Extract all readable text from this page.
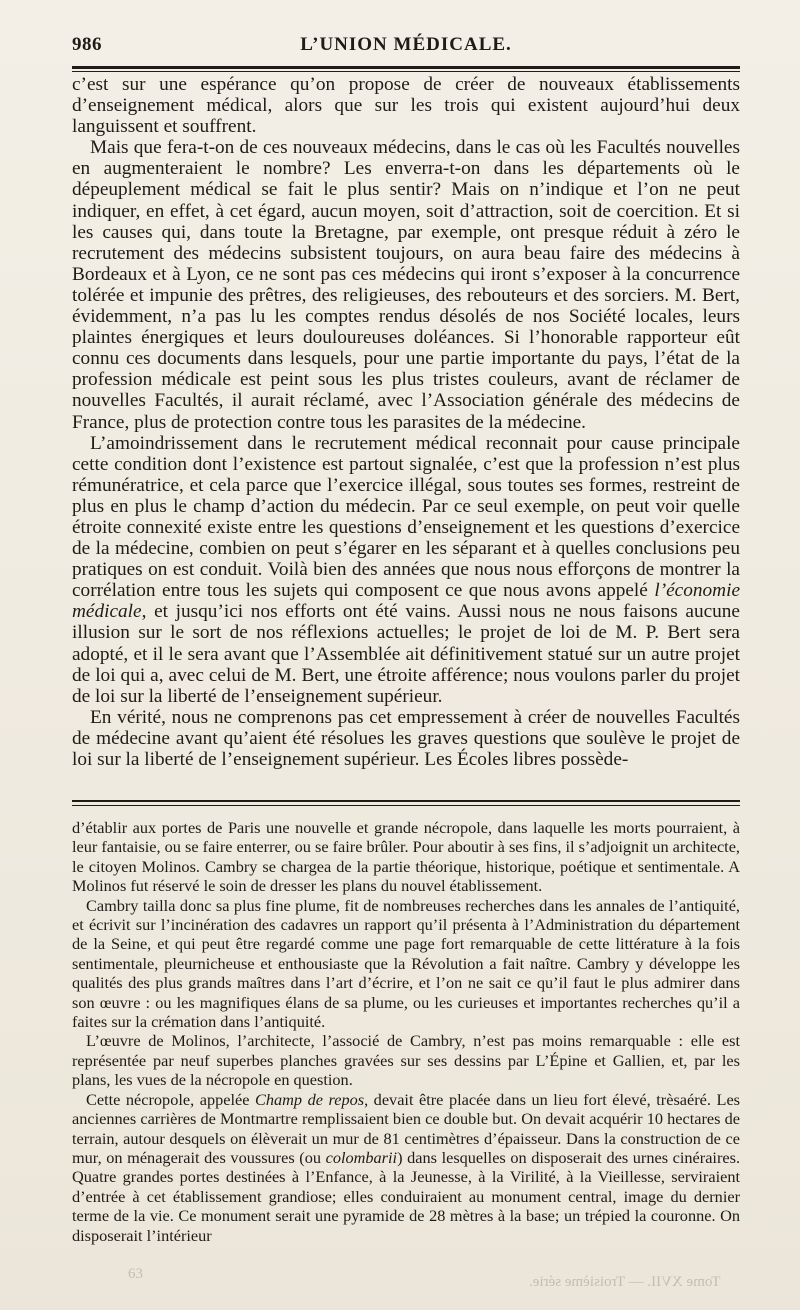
986	L’UNION MÉDICALE.

c’est sur une espérance qu’on propose de créer de nouveaux établissements d’enseignement médical, alors que sur les trois qui existent aujourd’hui deux languissent et souffrent.

Mais que fera-t-on de ces nouveaux médecins, dans le cas où les Facultés nouvelles en augmenteraient le nombre? Les enverra-t-on dans les départements où le dépeuplement médical se fait le plus sentir? Mais on n’indique et l’on ne peut indiquer, en effet, à cet égard, aucun moyen, soit d’attraction, soit de coercition. Et si les causes qui, dans toute la Bretagne, par exemple, ont presque réduit à zéro le recrutement des médecins subsistent toujours, on aura beau faire des médecins à Bordeaux et à Lyon, ce ne sont pas ces médecins qui iront s’exposer à la concurrence tolérée et impunie des prêtres, des religieuses, des rebouteurs et des sorciers. M. Bert, évidemment, n’a pas lu les comptes rendus désolés de nos Société locales, leurs plaintes énergiques et leurs douloureuses doléances. Si l’honorable rapporteur eût connu ces documents dans lesquels, pour une partie importante du pays, l’état de la profession médicale est peint sous les plus tristes couleurs, avant de réclamer de nouvelles Facultés, il aurait réclamé, avec l’Association générale des médecins de France, plus de protection contre tous les parasites de la médecine.

L’amoindrissement dans le recrutement médical reconnait pour cause principale cette condition dont l’existence est partout signalée, c’est que la profession n’est plus rémunératrice, et cela parce que l’exercice illégal, sous toutes ses formes, restreint de plus en plus le champ d’action du médecin. Par ce seul exemple, on peut voir quelle étroite connexité existe entre les questions d’enseignement et les questions d’exercice de la médecine, combien on peut s’égarer en les séparant et à quelles conclusions peu pratiques on est conduit. Voilà bien des années que nous nous efforçons de montrer la corrélation entre tous les sujets qui composent ce que nous avons appelé l’économie médicale, et jusqu’ici nos efforts ont été vains. Aussi nous ne nous faisons aucune illusion sur le sort de nos réflexions actuelles; le projet de loi de M. P. Bert sera adopté, et il le sera avant que l’Assemblée ait définitivement statué sur un autre projet de loi qui a, avec celui de M. Bert, une étroite afférence; nous voulons parler du projet de loi sur la liberté de l’enseignement supérieur.

En vérité, nous ne comprenons pas cet empressement à créer de nouvelles Facultés de médecine avant qu’aient été résolues les graves questions que soulève le projet de loi sur la liberté de l’enseignement supérieur. Les Écoles libres possède-

d’établir aux portes de Paris une nouvelle et grande nécropole, dans laquelle les morts pourraient, à leur fantaisie, ou se faire enterrer, ou se faire brûler. Pour aboutir à ses fins, il s’adjoignit un architecte, le citoyen Molinos. Cambry se chargea de la partie théorique, historique, poétique et sentimentale. A Molinos fut réservé le soin de dresser les plans du nouvel établissement.

Cambry tailla donc sa plus fine plume, fit de nombreuses recherches dans les annales de l’antiquité, et écrivit sur l’incinération des cadavres un rapport qu’il présenta à l’Administration du département de la Seine, et qui peut être regardé comme une page fort remarquable de cette littérature à la fois sentimentale, pleurnicheuse et enthousiaste que la Révolution a fait naître. Cambry y développe les qualités des plus grands maîtres dans l’art d’écrire, et l’on ne sait ce qu’il faut le plus admirer dans son œuvre : ou les magnifiques élans de sa plume, ou les curieuses et importantes recherches qu’il a faites sur la crémation dans l’antiquité.

L’œuvre de Molinos, l’architecte, l’associé de Cambry, n’est pas moins remarquable : elle est représentée par neuf superbes planches gravées sur ses dessins par L’Épine et Gallien, et, par les plans, les vues de la nécropole en question.

Cette nécropole, appelée Champ de repos, devait être placée dans un lieu fort élevé, trèsaéré. Les anciennes carrières de Montmartre remplissaient bien ce double but. On devait acquérir 10 hectares de terrain, autour desquels on élèverait un mur de 81 centimètres d’épaisseur. Dans la construction de ce mur, on ménagerait des voussures (ou colombarii) dans lesquelles on disposerait des urnes cinéraires. Quatre grandes portes destinées à l’Enfance, à la Jeunesse, à la Virilité, à la Vieillesse, serviraient d’entrée à cet établissement grandiose; elles conduiraient au monument central, image du dernier terme de la vie. Ce monument serait une pyramide de 28 mètres à la base; un trépied la couronne. On disposerait l’intérieur

63	Tome XVII. — Troisième série.
